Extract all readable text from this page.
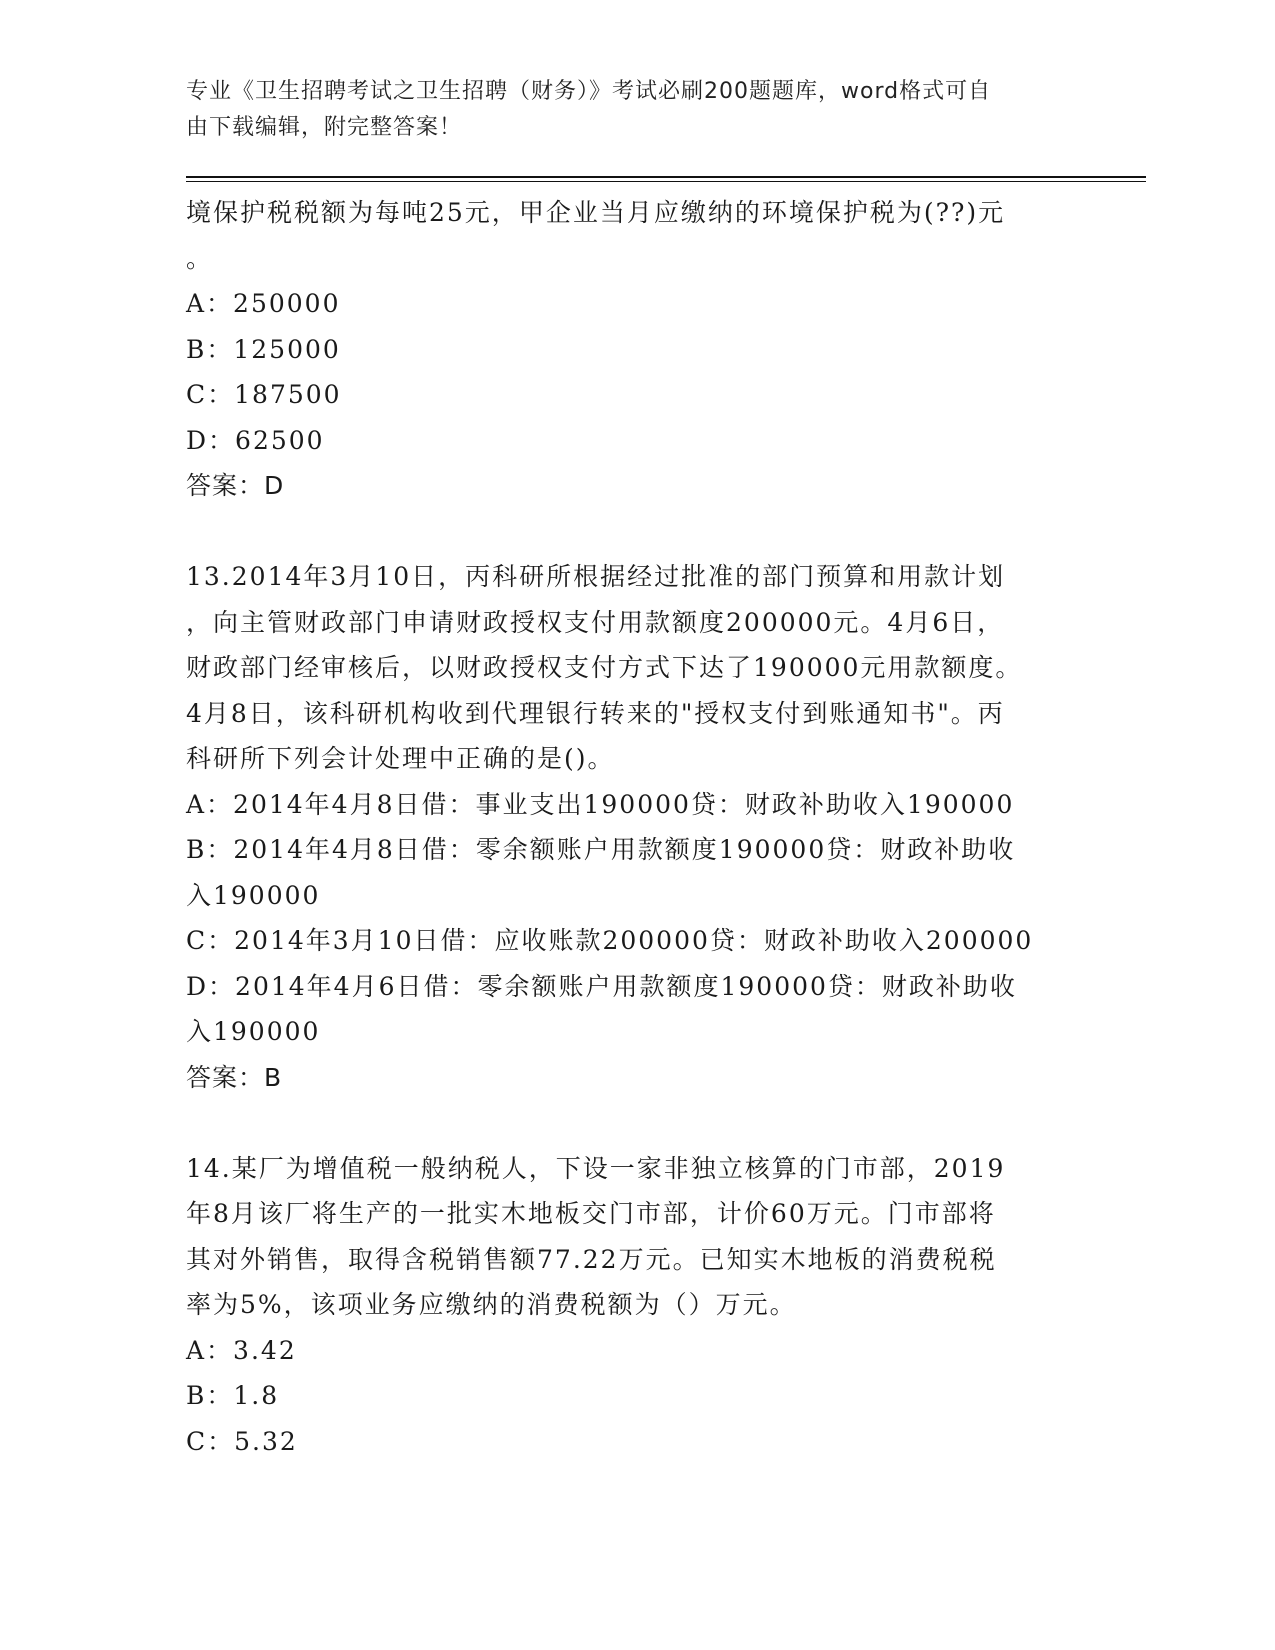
专业《卫生招聘考试之卫生招聘（财务）》考试必刷200题题库，word格式可自
由下载编辑，附完整答案！
境保护税税额为每吨25元，甲企业当月应缴纳的环境保护税为(??)元
。
A：250000
B：125000
C：187500
D：62500
答案：D
13.2014年3月10日，丙科研所根据经过批准的部门预算和用款计划
，向主管财政部门申请财政授权支付用款额度200000元。4月6日，
财政部门经审核后，以财政授权支付方式下达了190000元用款额度。
4月8日，该科研机构收到代理银行转来的"授权支付到账通知书"。丙
科研所下列会计处理中正确的是()。
A：2014年4月8日借：事业支出190000贷：财政补助收入190000
B：2014年4月8日借：零余额账户用款额度190000贷：财政补助收
入190000
C：2014年3月10日借：应收账款200000贷：财政补助收入200000
D：2014年4月6日借：零余额账户用款额度190000贷：财政补助收
入190000
答案：B
14.某厂为增值税一般纳税人，下设一家非独立核算的门市部，2019
年8月该厂将生产的一批实木地板交门市部，计价60万元。门市部将
其对外销售，取得含税销售额77.22万元。已知实木地板的消费税税
率为5%，该项业务应缴纳的消费税额为（）万元。
A：3.42
B：1.8
C：5.32
